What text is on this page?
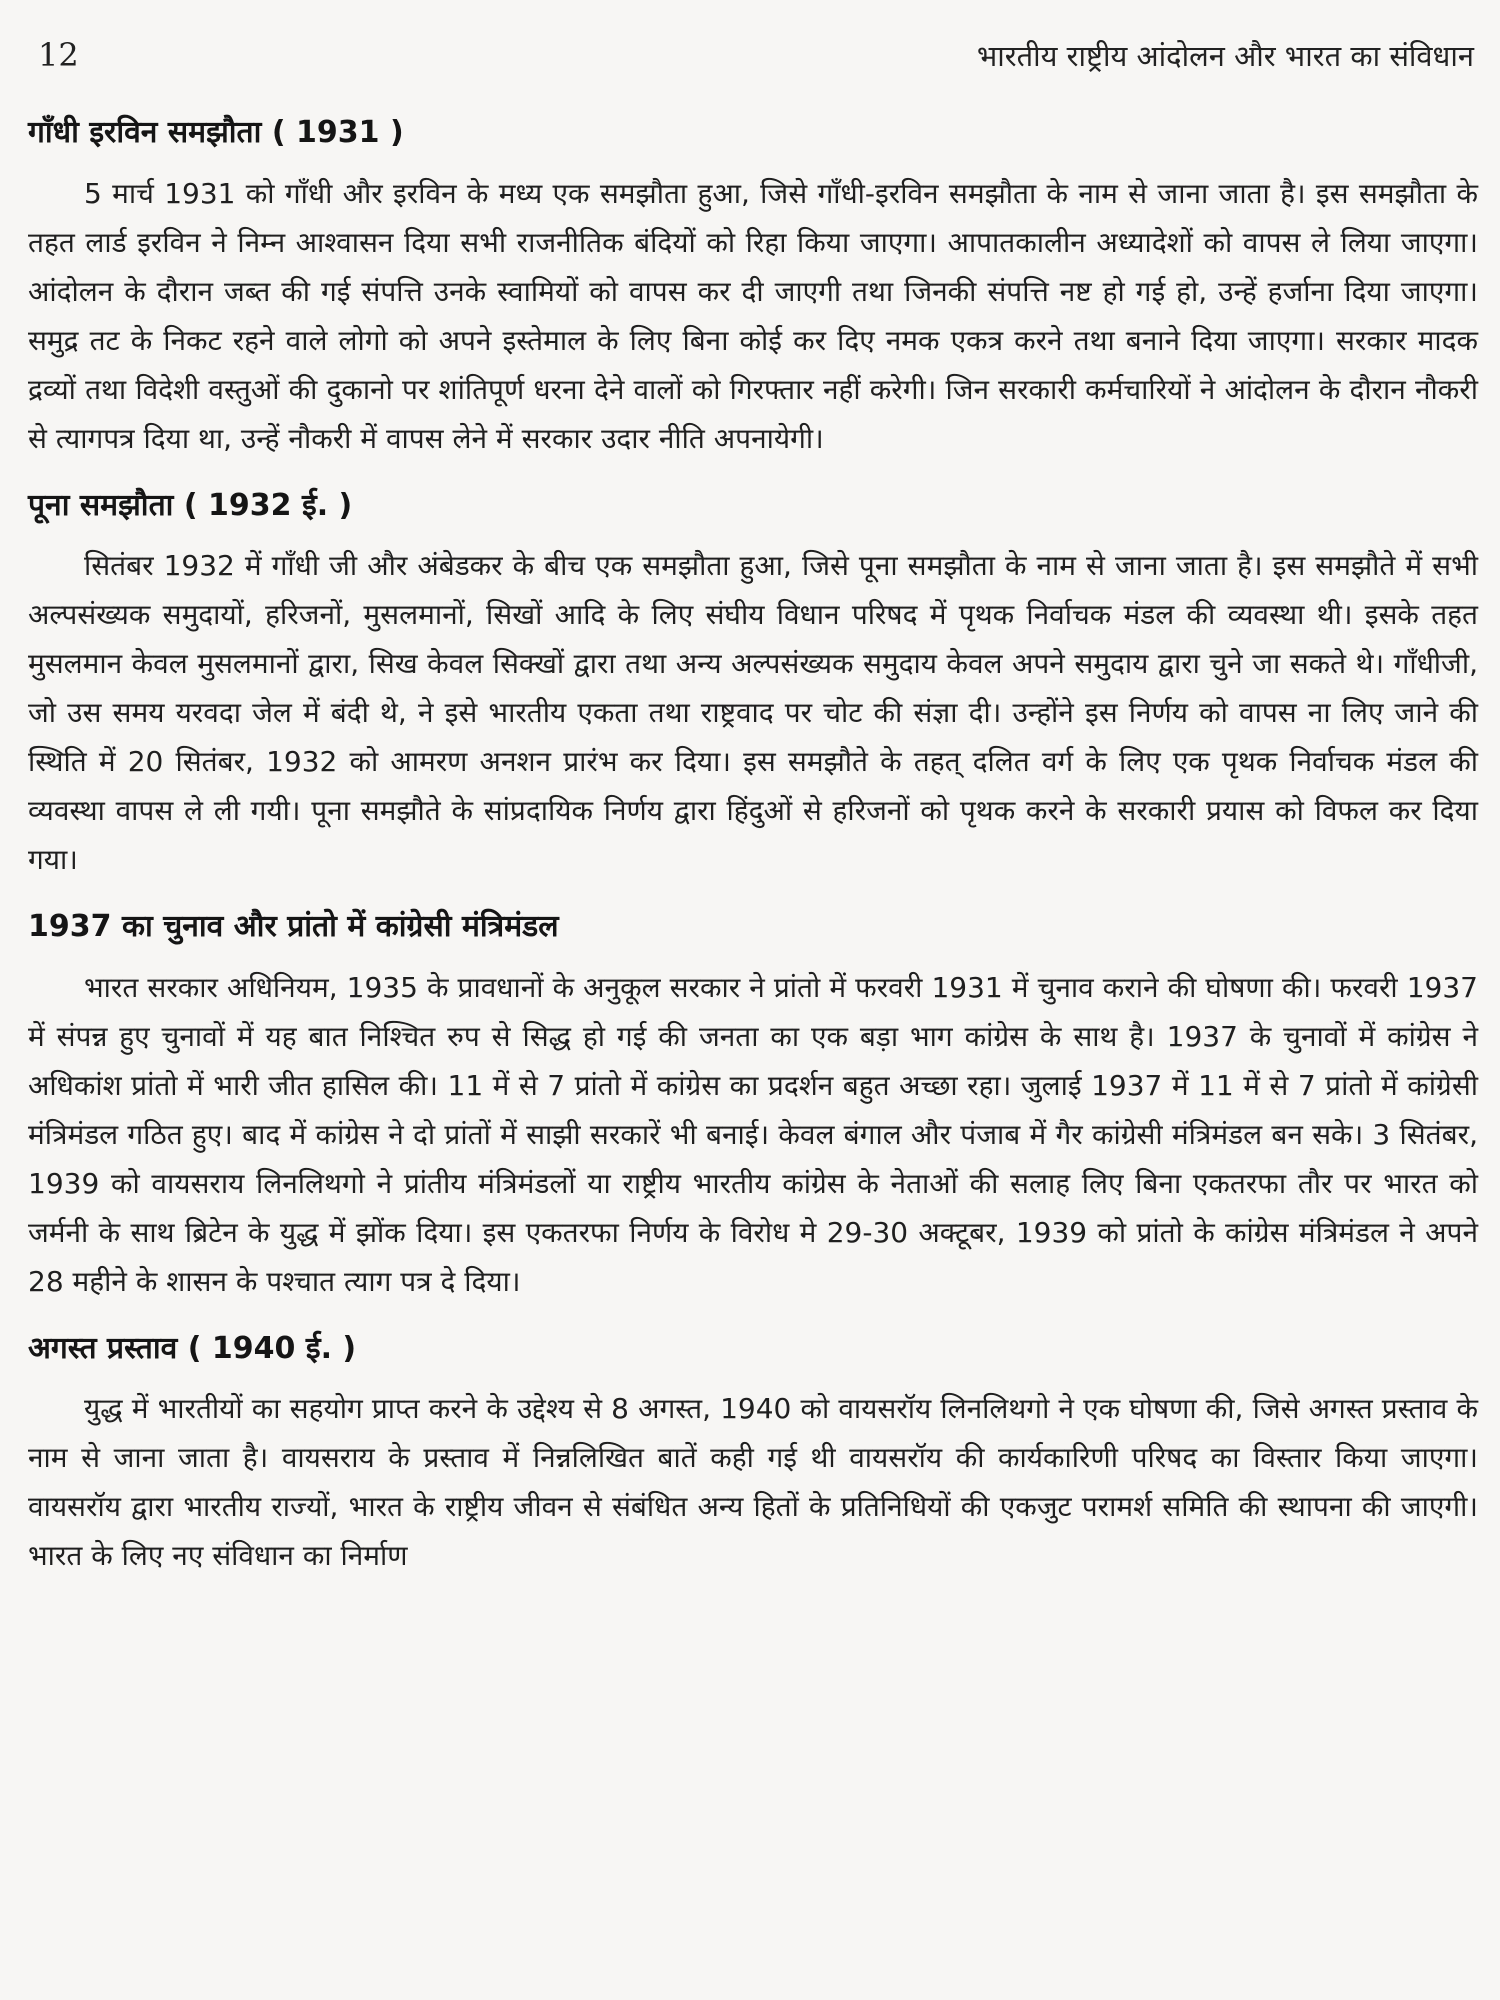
12	भारतीय राष्ट्रीय आंदोलन और भारत का संविधान
गाँधी इरविन समझौता ( 1931 )

5 मार्च 1931 को गाँधी और इरविन के मध्य एक समझौता हुआ, जिसे गाँधी-इरविन समझौता के नाम से जाना जाता है। इस समझौता के तहत लार्ड इरविन ने निम्न आश्वासन दिया सभी राजनीतिक बंदियों को रिहा किया जाएगा। आपातकालीन अध्यादेशों को वापस ले लिया जाएगा। आंदोलन के दौरान जब्त की गई संपत्ति उनके स्वामियों को वापस कर दी जाएगी तथा जिनकी संपत्ति नष्ट हो गई हो, उन्हें हर्जाना दिया जाएगा। समुद्र तट के निकट रहने वाले लोगो को अपने इस्तेमाल के लिए बिना कोई कर दिए नमक एकत्र करने तथा बनाने दिया जाएगा। सरकार मादक द्रव्यों तथा विदेशी वस्तुओं की दुकानो पर शांतिपूर्ण धरना देने वालों को गिरफ्तार नहीं करेगी। जिन सरकारी कर्मचारियों ने आंदोलन के दौरान नौकरी से त्यागपत्र दिया था, उन्हें नौकरी में वापस लेने में सरकार उदार नीति अपनायेगी।

पूना समझौता ( 1932 ई. )

सितंबर 1932 में गाँधी जी और अंबेडकर के बीच एक समझौता हुआ, जिसे पूना समझौता के नाम से जाना जाता है। इस समझौते में सभी अल्पसंख्यक समुदायों, हरिजनों, मुसलमानों, सिखों आदि के लिए संघीय विधान परिषद में पृथक निर्वाचक मंडल की व्यवस्था थी। इसके तहत मुसलमान केवल मुसलमानों द्वारा, सिख केवल सिक्खों द्वारा तथा अन्य अल्पसंख्यक समुदाय केवल अपने समुदाय द्वारा चुने जा सकते थे। गाँधीजी, जो उस समय यरवदा जेल में बंदी थे, ने इसे भारतीय एकता तथा राष्ट्रवाद पर चोट की संज्ञा दी। उन्होंने इस निर्णय को वापस ना लिए जाने की स्थिति में 20 सितंबर, 1932 को आमरण अनशन प्रारंभ कर दिया। इस समझौते के तहत् दलित वर्ग के लिए एक पृथक निर्वाचक मंडल की व्यवस्था वापस ले ली गयी। पूना समझौते के सांप्रदायिक निर्णय द्वारा हिंदुओं से हरिजनों को पृथक करने के सरकारी प्रयास को विफल कर दिया गया।

1937 का चुनाव और प्रांतो में कांग्रेसी मंत्रिमंडल

भारत सरकार अधिनियम, 1935 के प्रावधानों के अनुकूल सरकार ने प्रांतो में फरवरी 1931 में चुनाव कराने की घोषणा की। फरवरी 1937 में संपन्न हुए चुनावों में यह बात निश्चित रुप से सिद्ध हो गई की जनता का एक बड़ा भाग कांग्रेस के साथ है। 1937 के चुनावों में कांग्रेस ने अधिकांश प्रांतो में भारी जीत हासिल की। 11 में से 7 प्रांतो में कांग्रेस का प्रदर्शन बहुत अच्छा रहा। जुलाई 1937 में 11 में से 7 प्रांतो में कांग्रेसी मंत्रिमंडल गठित हुए। बाद में कांग्रेस ने दो प्रांतों में साझी सरकारें भी बनाई। केवल बंगाल और पंजाब में गैर कांग्रेसी मंत्रिमंडल बन सके। 3 सितंबर, 1939 को वायसराय लिनलिथगो ने प्रांतीय मंत्रिमंडलों या राष्ट्रीय भारतीय कांग्रेस के नेताओं की सलाह लिए बिना एकतरफा तौर पर भारत को जर्मनी के साथ ब्रिटेन के युद्ध में झोंक दिया। इस एकतरफा निर्णय के विरोध मे 29-30 अक्टूबर, 1939 को प्रांतो के कांग्रेस मंत्रिमंडल ने अपने 28 महीने के शासन के पश्चात त्याग पत्र दे दिया।

अगस्त प्रस्ताव ( 1940 ई. )

युद्ध में भारतीयों का सहयोग प्राप्त करने के उद्देश्य से 8 अगस्त, 1940 को वायसरॉय लिनलिथगो ने एक घोषणा की, जिसे अगस्त प्रस्ताव के नाम से जाना जाता है। वायसराय के प्रस्ताव में निन्नलिखित बातें कही गई थी वायसरॉय की कार्यकारिणी परिषद का विस्तार किया जाएगा। वायसरॉय द्वारा भारतीय राज्यों, भारत के राष्ट्रीय जीवन से संबंधित अन्य हितों के प्रतिनिधियों की एकजुट परामर्श समिति की स्थापना की जाएगी। भारत के लिए नए संविधान का निर्माण
